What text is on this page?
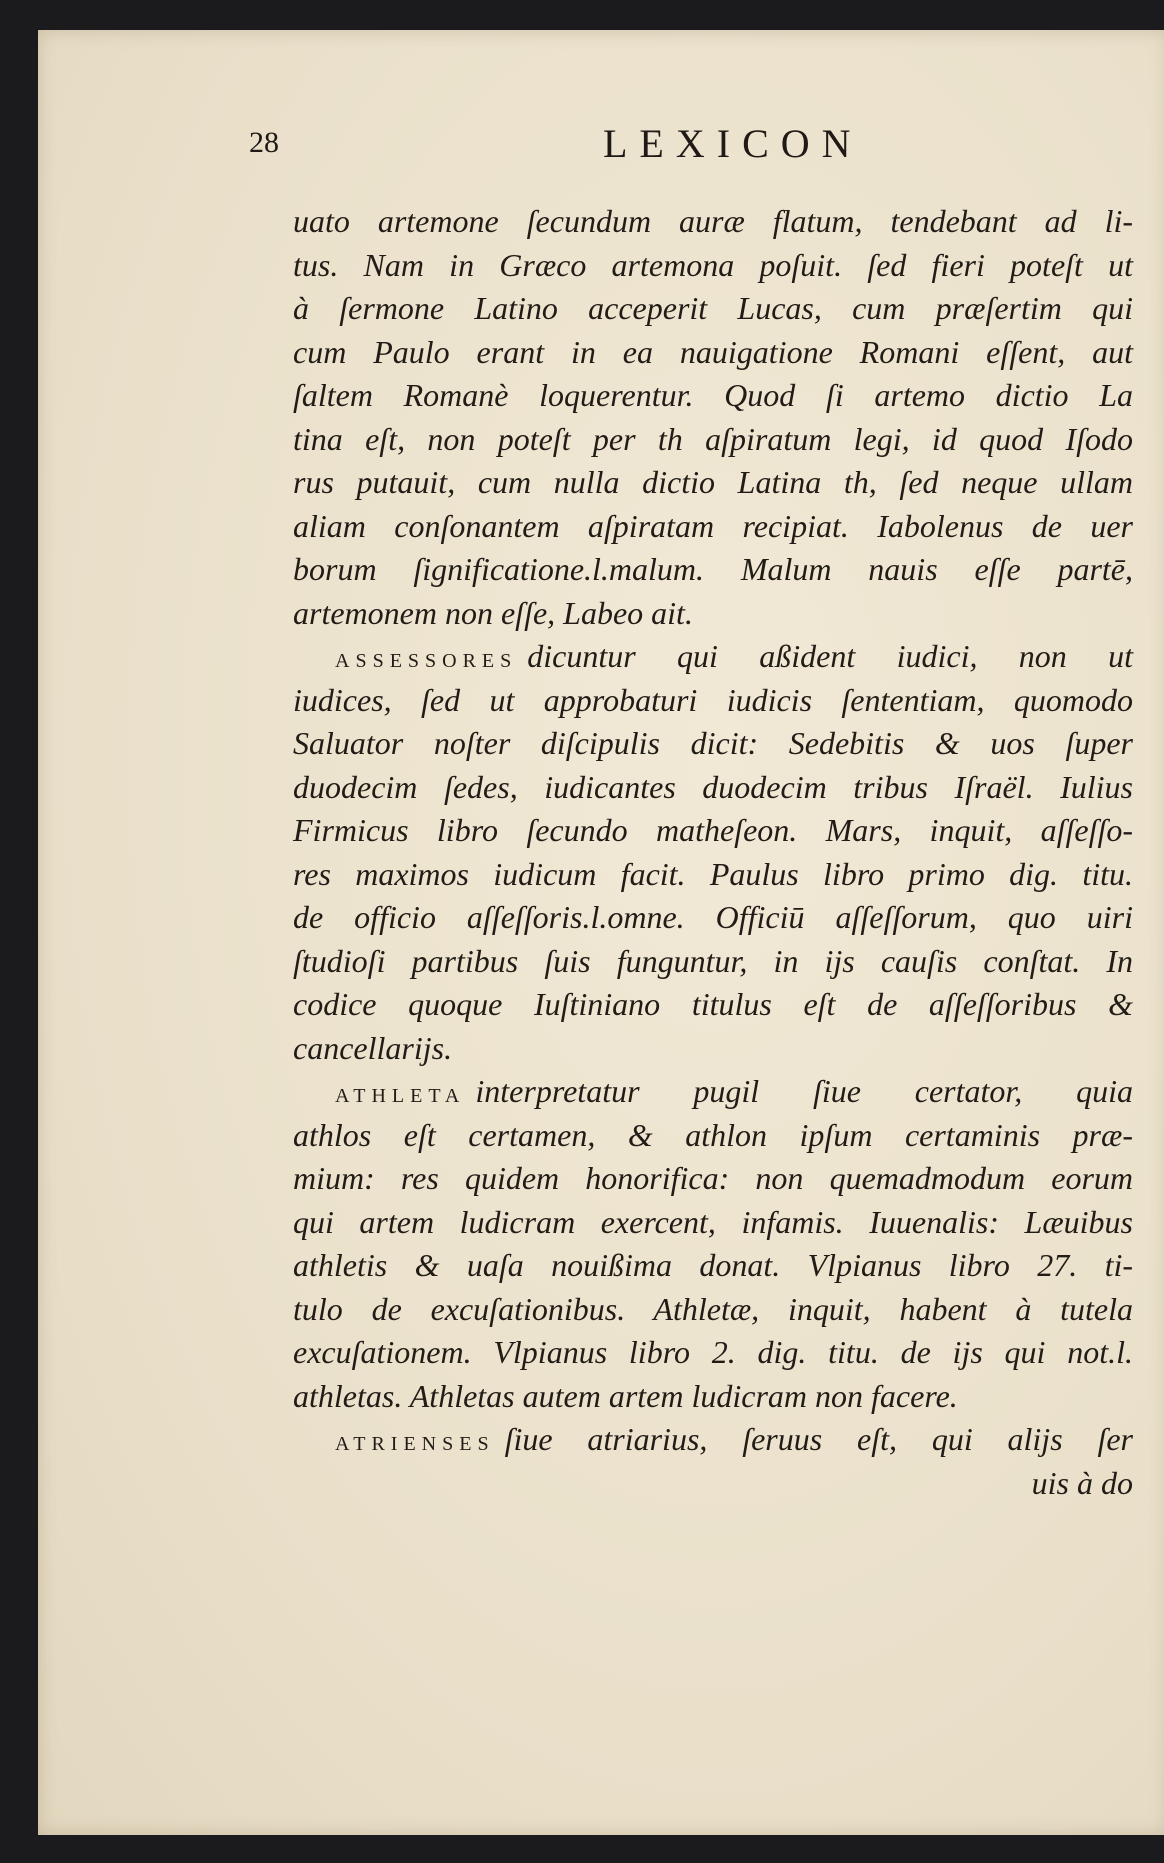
28	LEXICON
uato artemone ſecundum auræ flatum, tendebant ad li-
tus. Nam in Græco artemona poſuit. ſed fieri poteſt ut
à ſermone Latino acceperit Lucas, cum præſertim qui
cum Paulo erant in ea nauigatione Romani eſſent, aut
ſaltem Romanè loquerentur. Quod ſi artemo dictio La
tina eſt, non poteſt per th aſpiratum legi, id quod Iſodo
rus putauit, cum nulla dictio Latina th, ſed neque ullam
aliam conſonantem aſpiratam recipiat. Iabolenus de uer
borum ſignificatione.l.malum. Malum nauis eſſe partē,
artemonem non eſſe, Labeo ait.
ASSESSORES dicuntur qui aßident iudici, non ut
iudices, ſed ut approbaturi iudicis ſententiam, quomodo
Saluator noſter diſcipulis dicit: Sedebitis & uos ſuper
duodecim ſedes, iudicantes duodecim tribus Iſraël. Iulius
Firmicus libro ſecundo matheſeon. Mars, inquit, aſſeſſo-
res maximos iudicum facit. Paulus libro primo dig. titu.
de officio aſſeſſoris.l.omne. Officiū aſſeſſorum, quo uiri
ſtudioſi partibus ſuis funguntur, in ijs cauſis conſtat. In
codice quoque Iuſtiniano titulus eſt de aſſeſſoribus &
cancellarijs.
ATHLETA interpretatur pugil ſiue certator, quia
athlos eſt certamen, & athlon ipſum certaminis præ-
mium: res quidem honorifica: non quemadmodum eorum
qui artem ludicram exercent, infamis. Iuuenalis: Læuibus
athletis & uaſa nouißima donat. Vlpianus libro 27. ti-
tulo de excuſationibus. Athletæ, inquit, habent à tutela
excuſationem. Vlpianus libro 2. dig. titu. de ijs qui not.l.
athletas. Athletas autem artem ludicram non facere.
ATRIENSES ſiue atriarius, ſeruus eſt, qui alijs ſer
uis à do
